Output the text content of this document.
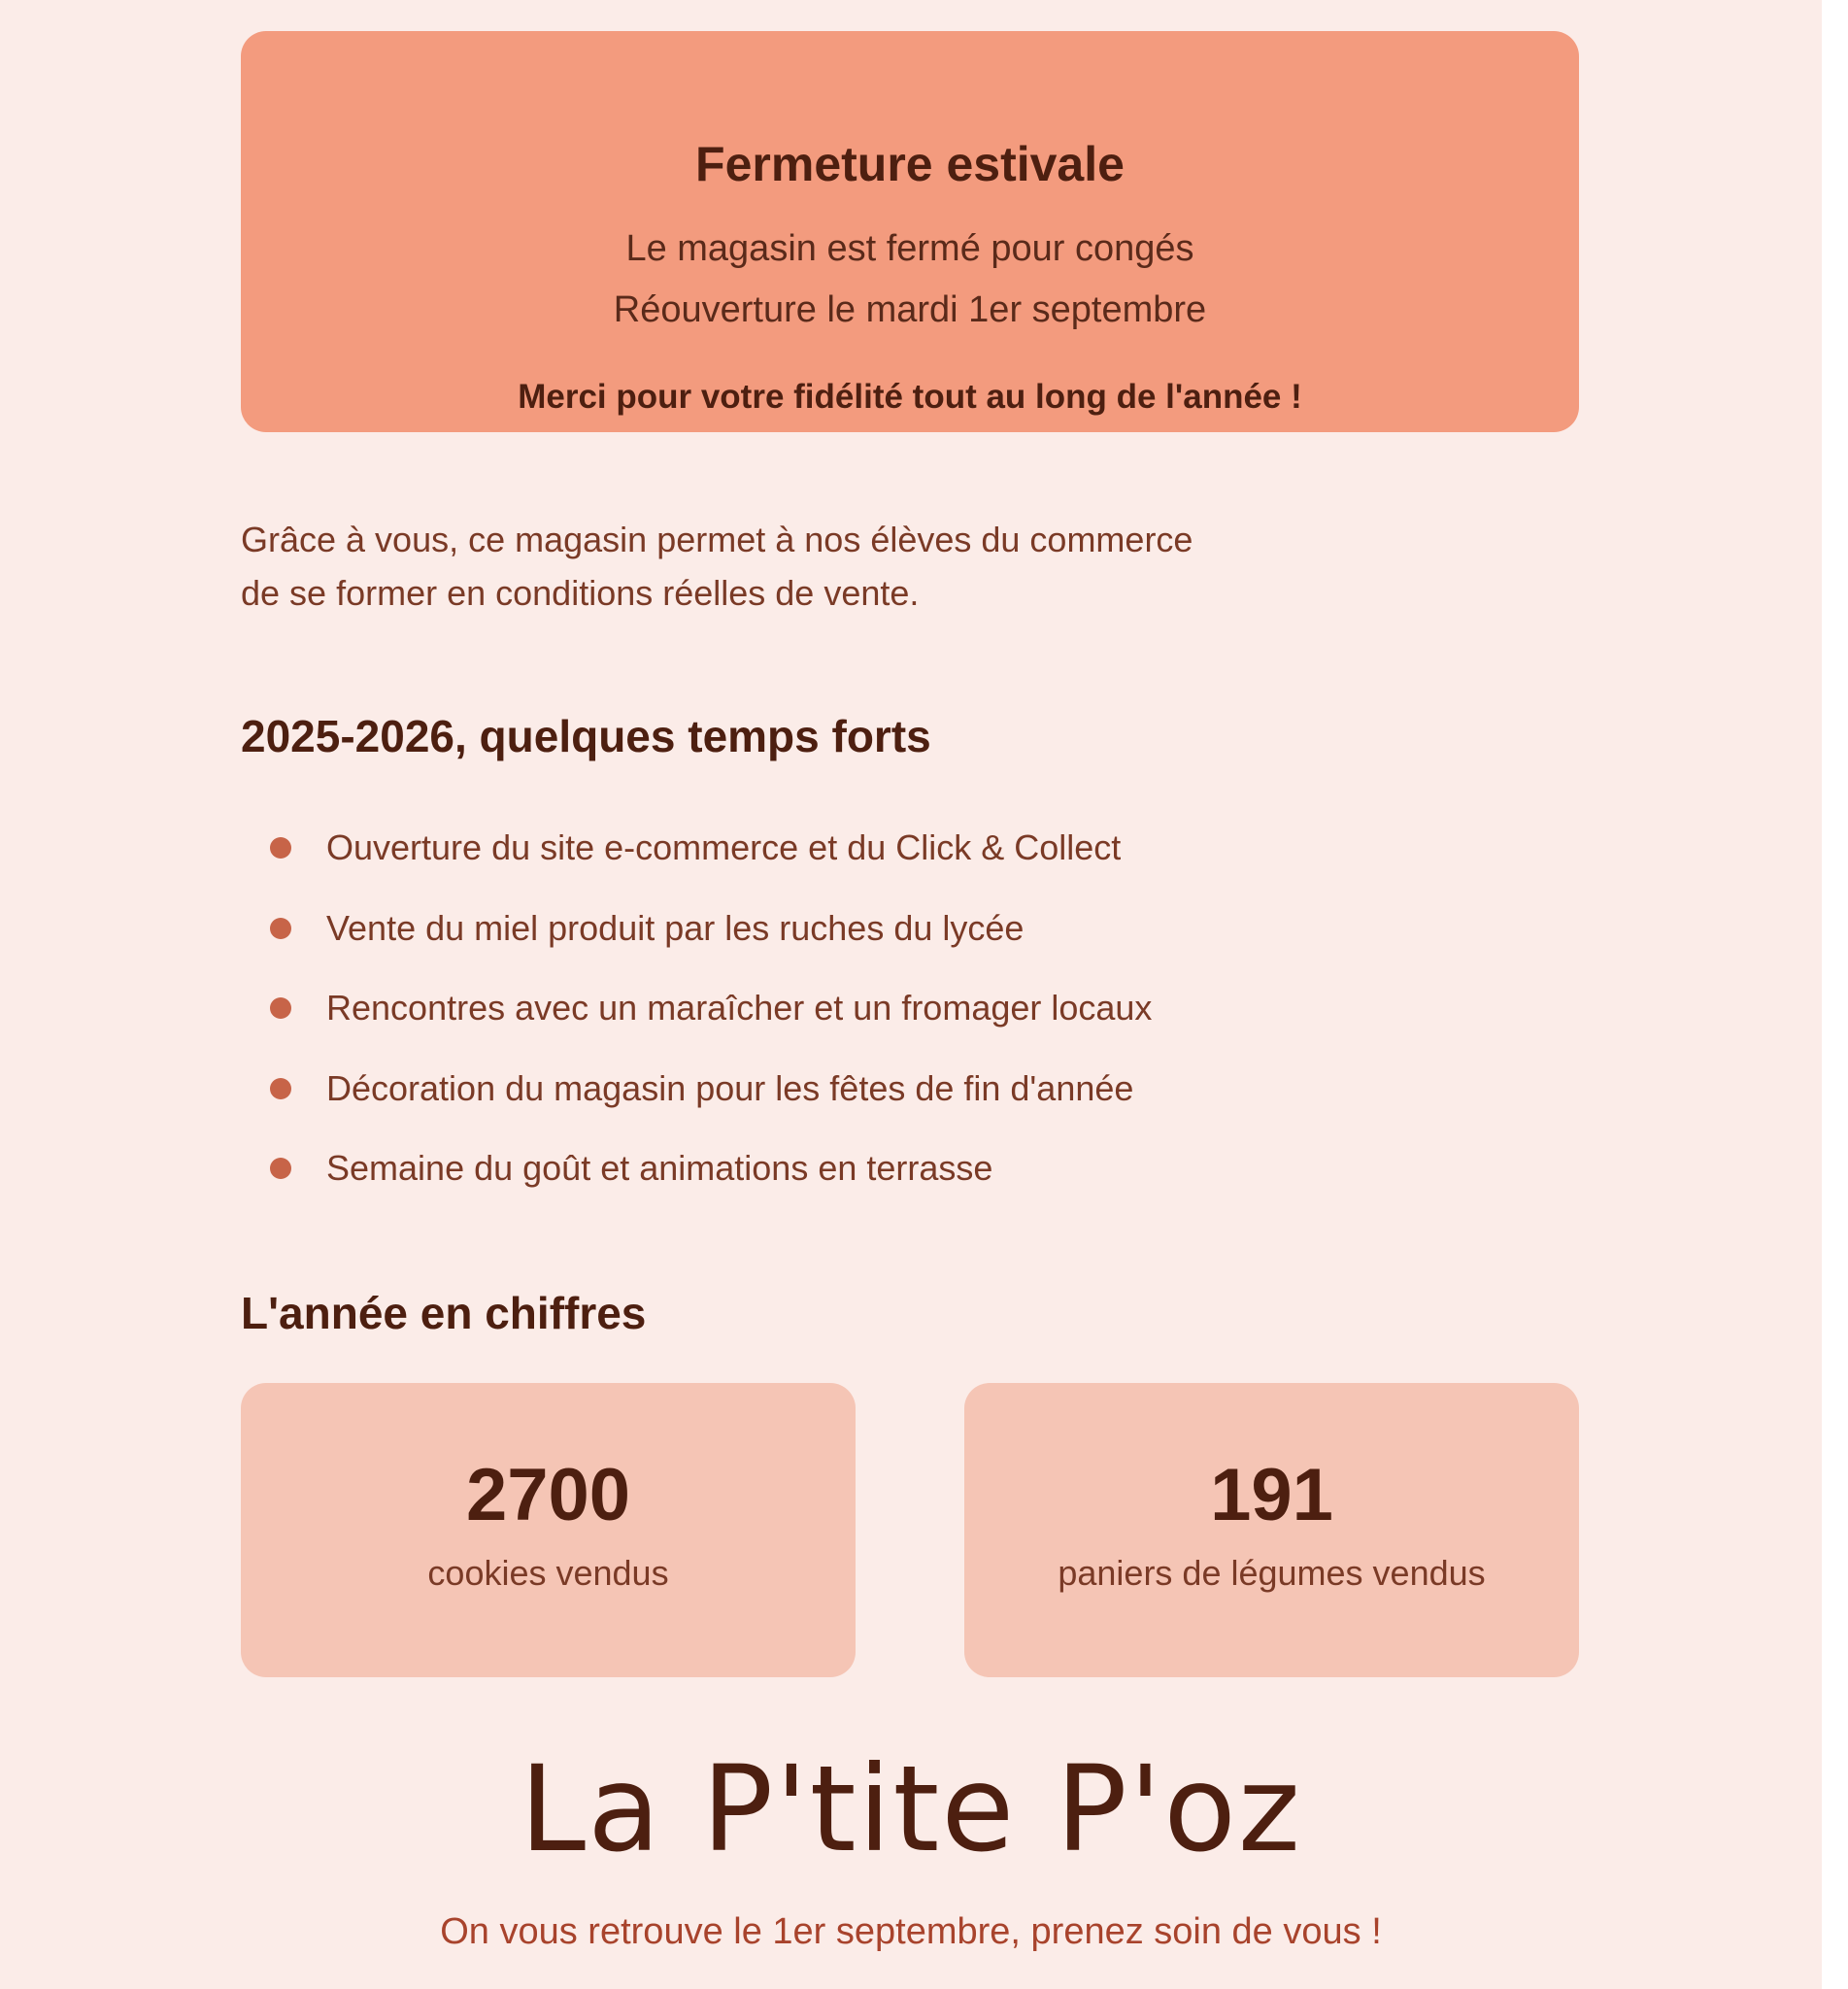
Fermeture estivale
Le magasin est fermé pour congés
Réouverture le mardi 1er septembre
Merci pour votre fidélité tout au long de l'année !
Grâce à vous, ce magasin permet à nos élèves du commerce
de se former en conditions réelles de vente.
2025-2026, quelques temps forts
Ouverture du site e-commerce et du Click & Collect
Vente du miel produit par les ruches du lycée
Rencontres avec un maraîcher et un fromager locaux
Décoration du magasin pour les fêtes de fin d'année
Semaine du goût et animations en terrasse
L'année en chiffres
2700
cookies vendus
191
paniers de légumes vendus
La P'tite P'oz
On vous retrouve le 1er septembre, prenez soin de vous !
